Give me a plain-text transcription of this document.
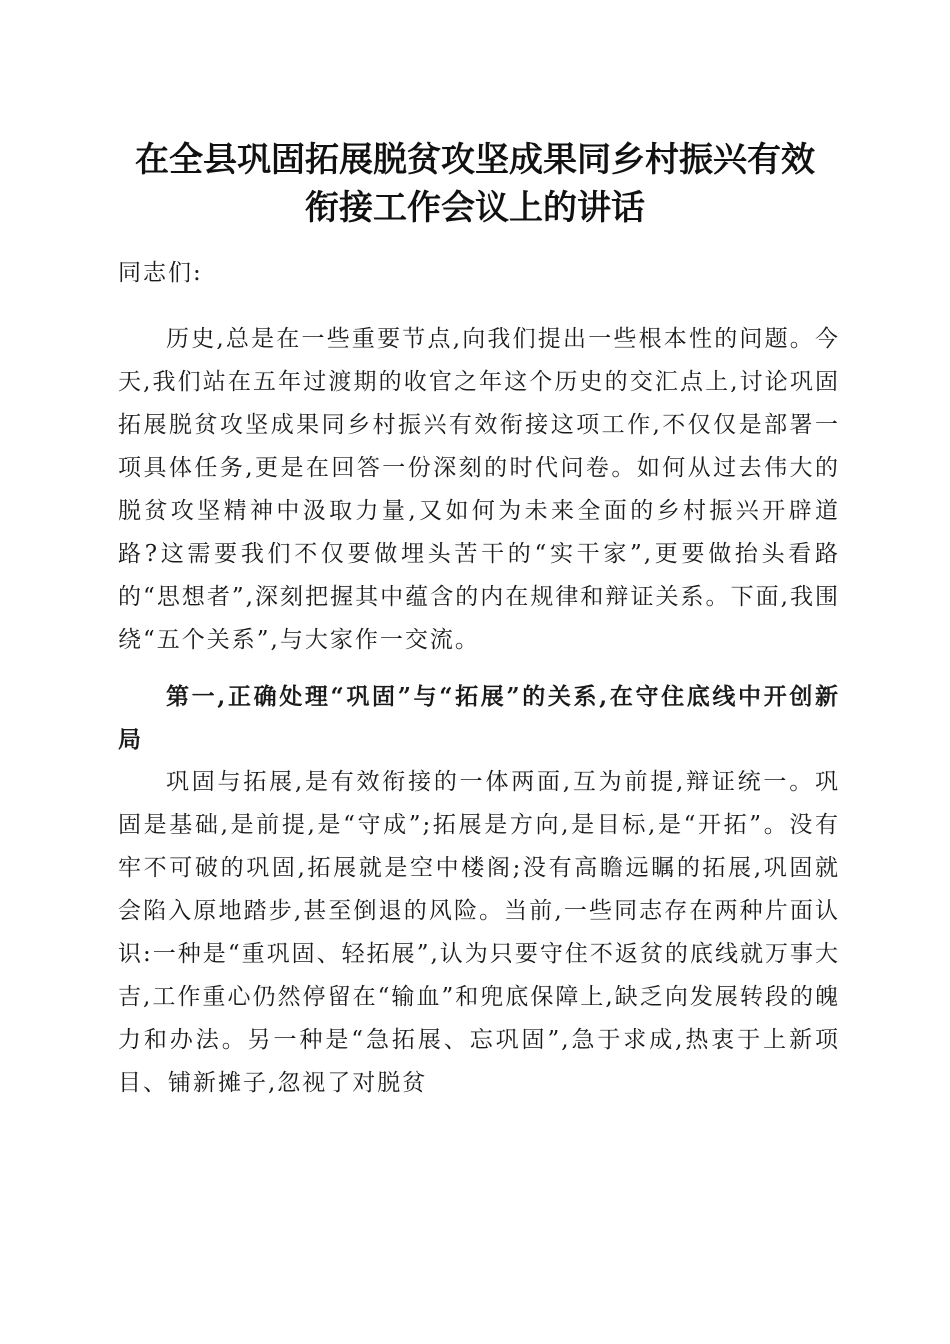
在全县巩固拓展脱贫攻坚成果同乡村振兴有效
衔接工作会议上的讲话
同志们:

历史,总是在一些重要节点,向我们提出一些根本性的问题。今天,我们站在五年过渡期的收官之年这个历史的交汇点上,讨论巩固拓展脱贫攻坚成果同乡村振兴有效衔接这项工作,不仅仅是部署一项具体任务,更是在回答一份深刻的时代问卷。如何从过去伟大的脱贫攻坚精神中汲取力量,又如何为未来全面的乡村振兴开辟道路?这需要我们不仅要做埋头苦干的“实干家”,更要做抬头看路的“思想者”,深刻把握其中蕴含的内在规律和辩证关系。下面,我围绕“五个关系”,与大家作一交流。

第一,正确处理“巩固”与“拓展”的关系,在守住底线中开创新局

巩固与拓展,是有效衔接的一体两面,互为前提,辩证统一。巩固是基础,是前提,是“守成”;拓展是方向,是目标,是“开拓”。没有牢不可破的巩固,拓展就是空中楼阁;没有高瞻远瞩的拓展,巩固就会陷入原地踏步,甚至倒退的风险。当前,一些同志存在两种片面认识:一种是“重巩固、轻拓展”,认为只要守住不返贫的底线就万事大吉,工作重心仍然停留在“输血”和兜底保障上,缺乏向发展转段的魄力和办法。另一种是“急拓展、忘巩固”,急于求成,热衷于上新项目、铺新摊子,忽视了对脱贫
